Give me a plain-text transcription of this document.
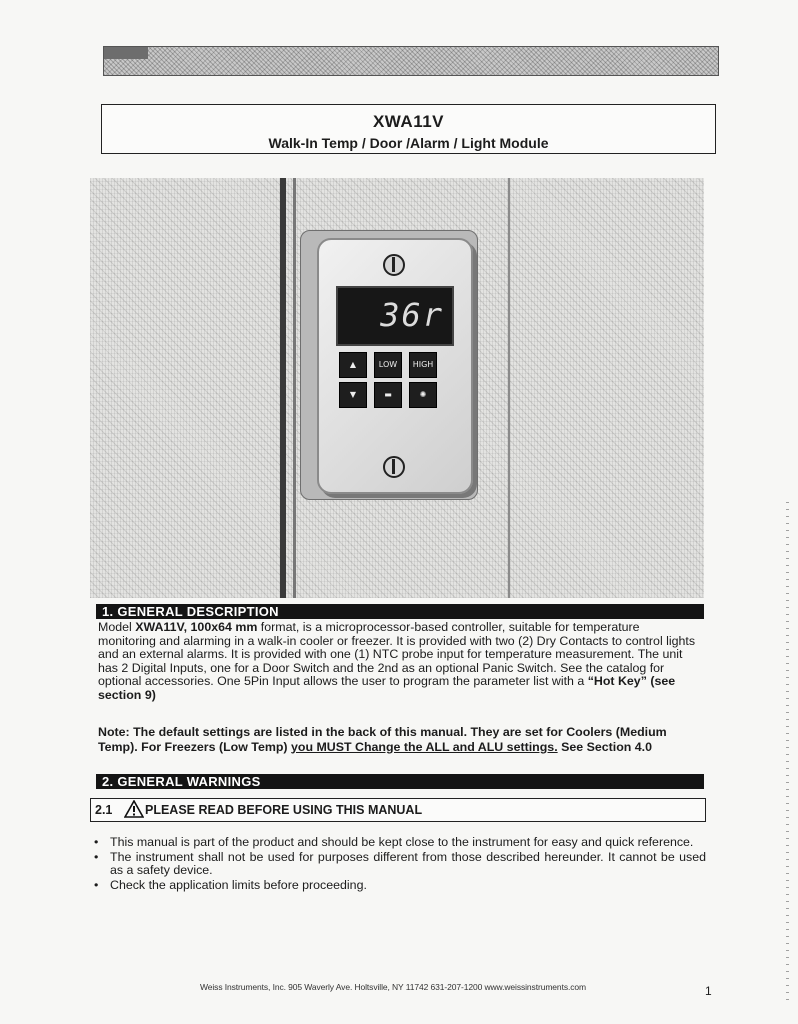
XWA11V
Walk-In Temp / Door /Alarm / Light Module
36r
▲	LOW	HIGH
▼	▬	✺
1. GENERAL DESCRIPTION
Model XWA11V, 100x64 mm format, is a microprocessor-based controller, suitable for temperature
monitoring and alarming in a walk-in cooler or freezer. It is provided with two (2) Dry Contacts to control lights
and an external alarms. It is provided with one (1) NTC probe input for temperature measurement. The unit
has 2 Digital Inputs, one for a Door Switch and the 2nd as an optional Panic Switch. See the catalog for
optional accessories. One 5Pin Input allows the user to program the parameter list with a “Hot Key” (see
section 9)
Note: The default settings are listed in the back of this manual. They are set for Coolers (Medium
Temp). For Freezers (Low Temp) you MUST Change the ALL and ALU settings. See Section 4.0
2. GENERAL WARNINGS
2.1	PLEASE READ BEFORE USING THIS MANUAL
• This manual is part of the product and should be kept close to the instrument for easy and quick reference.
• The instrument shall not be used for purposes different from those described hereunder. It cannot be used as a safety device.
• Check the application limits before proceeding.
Weiss Instruments, Inc. 905 Waverly Ave. Holtsville, NY 11742 631-207-1200 www.weissinstruments.com	1
